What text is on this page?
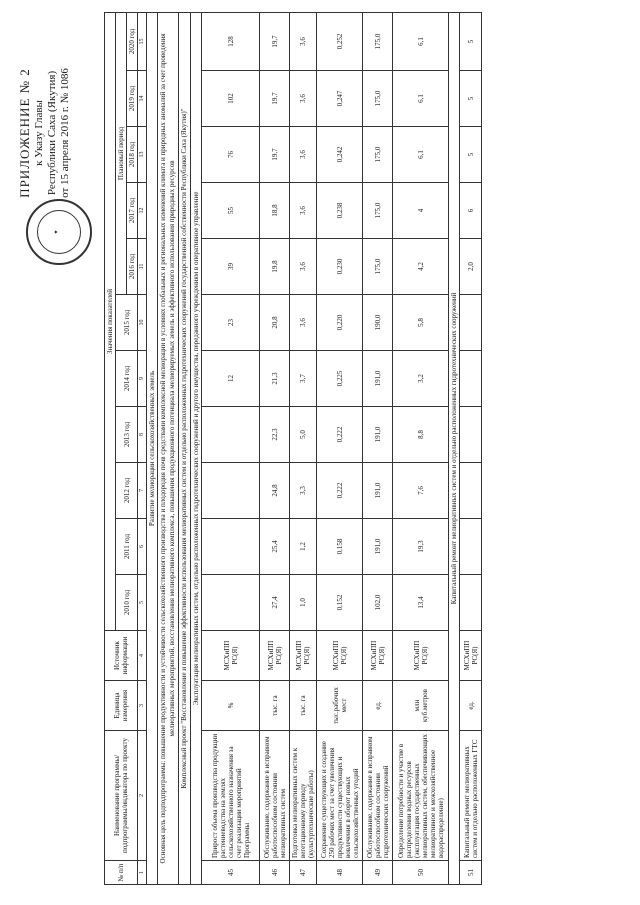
ПРИЛОЖЕНИЕ № 2 к Указу Главы Республики Саха (Якутия) от 15 апреля 2016 г. № 1086
✦
№ п/п	Наименование программы/подпрограммы/индикатора по проекту	Единица измерения	Источник информации	Значения показателей										
				2010 год	2011 год	2012 год	2013 год	2014 год	2015 год	Плановый период				
										2016 год	2017 год	2018 год	2019 год	2020 год
1	2	3	4	5	6	7	8	9	10	11	12	13	14	15
Развитие мелиорации сельскохозяйственных земель														
Основная цель подподпрограммы: повышение продуктивности и устойчивости сельскохозяйственного производства и плодородия почв средствами комплексной мелиорации в условиях глобальных и региональных изменений климата и природных аномалий за счет проведения мелиоративных мероприятий, восстановления мелиоративного комплекса, повышения продукционного потенциала мелиорируемых земель и эффективного использования природных ресурсов														
Комплексный проект "Восстановление и повышение эффективности использования мелиоративных систем и отдельно расположенных гидротехнических сооружений государственной собственности Республики Саха (Якутия)"														
Эксплуатация мелиоративных систем, отдельно расположенных гидротехнических сооружений и другого имущества, переданного учреждениям в оперативное управление														
45	Прирост объема производства продукции растениеводства на землях сельскохозяйственного назначения за счет реализации мероприятий Программы	%	МСХиПП РС(Я)					12	23	39	55	76	102	128
46	Обслуживание, содержание в исправном работоспособном состоянии мелиоративных систем	тыс. га	МСХиПП РС(Я)	27,4	25,4	24,8	22,3	21,3	20,8	19,8	18,8	19,7	19,7	19,7
47	Подготовка мелиоративных систем к вегетационному периоду (культуртехнические работы)	тыс. га	МСХиПП РС(Я)	1,0	1,2	3,3	5,0	3,7	3,6	3,6	3,6	3,6	3,6	3,6
48	Сохранение существующих и создание 250 рабочих мест за счет увеличения продуктивности существующих и вовлечения в оборот новых сельскохозяйственных угодий	тыс.рабочих мест	МСХиПП РС(Я)	0,152	0,158	0,222	0,222	0,225	0,220	0,230	0,238	0,242	0,247	0,252
49	Обслуживание, содержание в исправном работоспособном состоянии гидротехнических сооружений	ед.	МСХиПП РС(Я)	102,0	191,0	191,0	191,0	191,0	190,0	175,0	175,0	175,0	175,0	175,0
50	Определение потребности и участие в распределении водных ресурсов (эксплуатация государственных мелиоративных систем, обеспечивающих мелиоративное и межхозяйственное водораспределение)	млн куб.метров	МСХиПП РС(Я)	13,4	19,3	7,6	8,8	3,2	5,8	4,2	4	6,1	6,1	6,1
Капитальный ремонт мелиоративных систем и отдельно расположенных гидротехнических сооружений														
51	Капитальный ремонт мелиоративных систем и отдельно расположенных ГТС	ед.	МСХиПП РС(Я)							2,0	6	5	5	5
